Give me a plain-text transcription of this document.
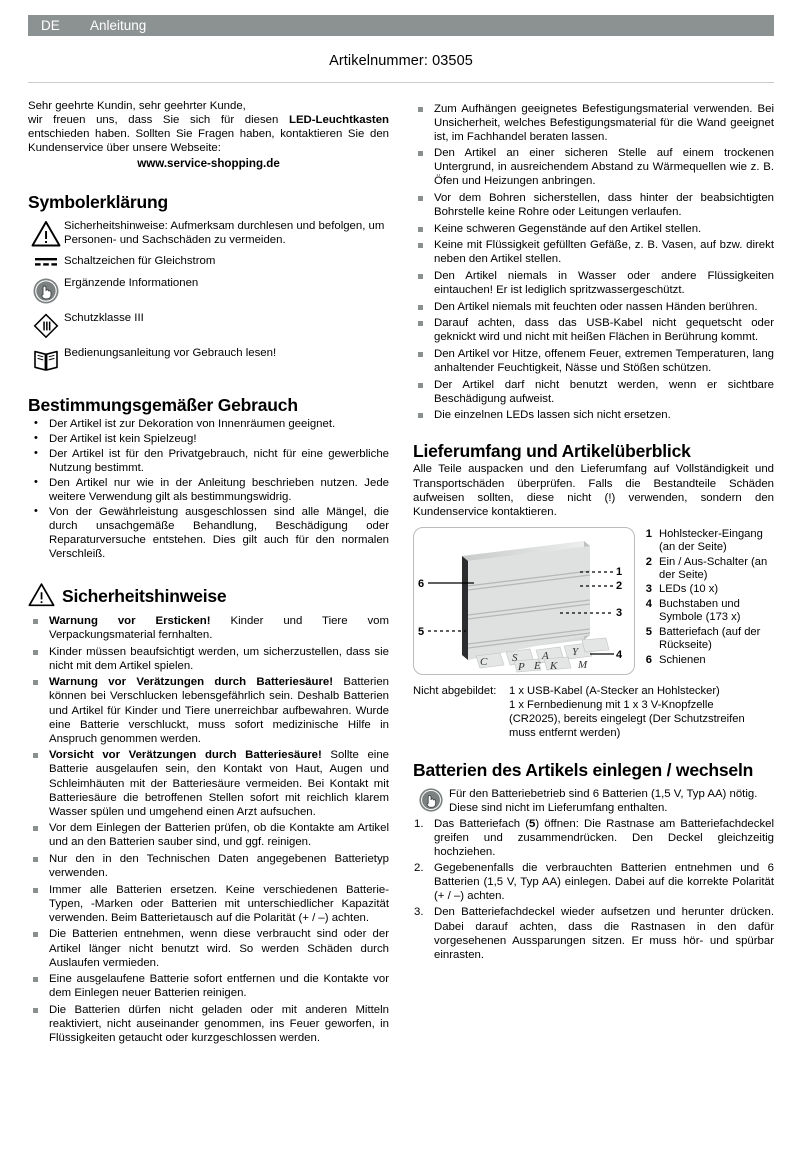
DE	Anleitung
Artikelnummer: 03505

Sehr geehrte Kundin, sehr geehrter Kunde,

wir freuen uns, dass Sie sich für diesen LED-Leuchtkasten entschieden haben. Sollten Sie Fragen haben, kontaktieren Sie den Kundenservice über unsere Webseite:

www.service-shopping.de
Symbolerklärung
Sicherheitshinweise: Aufmerksam durchlesen und befolgen, um Personen- und Sachschäden zu vermeiden.
Schaltzeichen für Gleichstrom
Ergänzende Informationen
Schutzklasse III
Bedienungsanleitung vor Gebrauch lesen!
Bestimmungsgemäßer Gebrauch
• Der Artikel ist zur Dekoration von Innenräumen geeignet.
• Der Artikel ist kein Spielzeug!
• Der Artikel ist für den Privatgebrauch, nicht für eine gewerbliche Nutzung bestimmt.
• Den Artikel nur wie in der Anleitung beschrieben nutzen. Jede weitere Verwendung gilt als bestimmungswidrig.
• Von der Gewährleistung ausgeschlossen sind alle Mängel, die durch unsachgemäße Behandlung, Beschädigung oder Reparaturversuche entstehen. Dies gilt auch für den normalen Verschleiß.
Sicherheitshinweise
Warnung vor Ersticken! Kinder und Tiere vom Verpackungsmaterial fernhalten.
Kinder müssen beaufsichtigt werden, um sicherzustellen, dass sie nicht mit dem Artikel spielen.
Warnung vor Verätzungen durch Batteriesäure! Batterien können bei Verschlucken lebensgefährlich sein. Deshalb Batterien und Artikel für Kinder und Tiere unerreichbar aufbewahren. Wurde eine Batterie verschluckt, muss sofort medizinische Hilfe in Anspruch genommen werden.
Vorsicht vor Verätzungen durch Batteriesäure! Sollte eine Batterie ausgelaufen sein, den Kontakt von Haut, Augen und Schleimhäuten mit der Batteriesäure vermeiden. Bei Kontakt mit Batteriesäure die betroffenen Stellen sofort mit reichlich klarem Wasser spülen und umgehend einen Arzt aufsuchen.
Vor dem Einlegen der Batterien prüfen, ob die Kontakte am Artikel und an den Batterien sauber sind, und ggf. reinigen.
Nur den in den Technischen Daten angegebenen Batterietyp verwenden.
Immer alle Batterien ersetzen. Keine verschiedenen Batterie-Typen, -Marken oder Batterien mit unterschiedlicher Kapazität verwenden. Beim Batterietausch auf die Polarität (+ / –) achten.
Die Batterien entnehmen, wenn diese verbraucht sind oder der Artikel länger nicht benutzt wird. So werden Schäden durch Auslaufen vermieden.
Eine ausgelaufene Batterie sofort entfernen und die Kontakte vor dem Einlegen neuer Batterien reinigen.
Die Batterien dürfen nicht geladen oder mit anderen Mitteln reaktiviert, nicht auseinander genommen, ins Feuer geworfen, in Flüssigkeiten getaucht oder kurzgeschlossen werden.
Zum Aufhängen geeignetes Befestigungsmaterial verwenden. Bei Unsicherheit, welches Befestigungsmaterial für die Wand geeignet ist, im Fachhandel beraten lassen.
Den Artikel an einer sicheren Stelle auf einem trockenen Untergrund, in ausreichendem Abstand zu Wärmequellen wie z. B. Öfen und Heizungen anbringen.
Vor dem Bohren sicherstellen, dass hinter der beabsichtigten Bohrstelle keine Rohre oder Leitungen verlaufen.
Keine schweren Gegenstände auf den Artikel stellen.
Keine mit Flüssigkeit gefüllten Gefäße, z. B. Vasen, auf bzw. direkt neben den Artikel stellen.
Den Artikel niemals in Wasser oder andere Flüssigkeiten eintauchen! Er ist lediglich spritzwassergeschützt.
Den Artikel niemals mit feuchten oder nassen Händen berühren.
Darauf achten, dass das USB-Kabel nicht gequetscht oder geknickt wird und nicht mit heißen Flächen in Berührung kommt.
Den Artikel vor Hitze, offenem Feuer, extremen Temperaturen, lang anhaltender Feuchtigkeit, Nässe und Stößen schützen.
Der Artikel darf nicht benutzt werden, wenn er sichtbare Beschädigung aufweist.
Die einzelnen LEDs lassen sich nicht ersetzen.
Lieferumfang und Artikelüberblick

Alle Teile auspacken und den Lieferumfang auf Vollständigkeit und Transportschäden überprüfen. Falls die Bestandteile Schäden aufweisen sollten, diese nicht (!) verwenden, sondern den Kundenservice kontaktieren.

C S A Y
P E K M
1
2
3
4
5
6
1 Hohlstecker-Eingang (an der Seite)
2 Ein / Aus-Schalter (an der Seite)
3 LEDs (10 x)
4 Buchstaben und Symbole (173 x)
5 Batteriefach (auf der Rückseite)
6 Schienen
Nicht abgebildet:	1 x USB-Kabel (A-Stecker an Hohlstecker)
1 x Fernbedienung mit 1 x 3 V-Knopfzelle
(CR2025), bereits eingelegt (Der Schutzstreifen
muss entfernt werden)
Batterien des Artikels einlegen / wechseln
Für den Batteriebetrieb sind 6 Batterien (1,5 V, Typ AA) nötig. Diese sind nicht im Lieferumfang enthalten.
Das Batteriefach (5) öffnen: Die Rastnase am Batteriefachdeckel greifen und zusammendrücken. Den Deckel gleichzeitig hochziehen.
Gegebenenfalls die verbrauchten Batterien entnehmen und 6 Batterien (1,5 V, Typ AA) einlegen. Dabei auf die korrekte Polarität (+ / –) achten.
Den Batteriefachdeckel wieder aufsetzen und herunter drücken. Dabei darauf achten, dass die Rastnasen in den dafür vorgesehenen Aussparungen sitzen. Er muss hör- und spürbar einrasten.
